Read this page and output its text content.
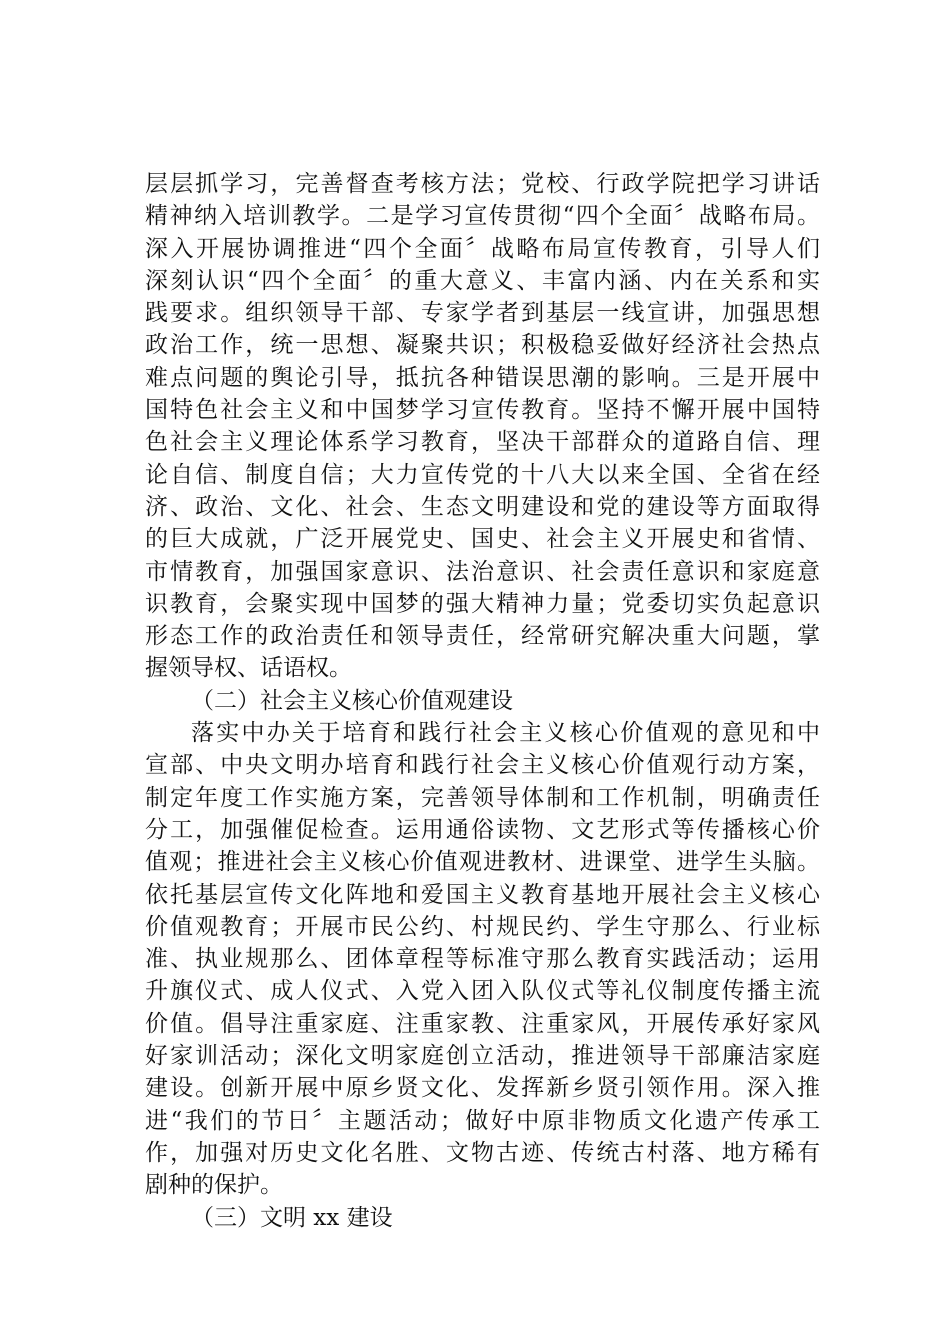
层层抓学习，完善督查考核方法；党校、行政学院把学习讲话
精神纳入培训教学。二是学习宣传贯彻“四个全面〞战略布局。
深入开展协调推进“四个全面〞战略布局宣传教育，引导人们
深刻认识“四个全面〞的重大意义、丰富内涵、内在关系和实
践要求。组织领导干部、专家学者到基层一线宣讲，加强思想
政治工作，统一思想、凝聚共识；积极稳妥做好经济社会热点
难点问题的舆论引导，抵抗各种错误思潮的影响。三是开展中
国特色社会主义和中国梦学习宣传教育。坚持不懈开展中国特
色社会主义理论体系学习教育，坚决干部群众的道路自信、理
论自信、制度自信；大力宣传党的十八大以来全国、全省在经
济、政治、文化、社会、生态文明建设和党的建设等方面取得
的巨大成就，广泛开展党史、国史、社会主义开展史和省情、
市情教育，加强国家意识、法治意识、社会责任意识和家庭意
识教育，会聚实现中国梦的强大精神力量；党委切实负起意识
形态工作的政治责任和领导责任，经常研究解决重大问题，掌
握领导权、话语权。
（二）社会主义核心价值观建设
落实中办关于培育和践行社会主义核心价值观的意见和中
宣部、中央文明办培育和践行社会主义核心价值观行动方案，
制定年度工作实施方案，完善领导体制和工作机制，明确责任
分工，加强催促检查。运用通俗读物、文艺形式等传播核心价
值观；推进社会主义核心价值观进教材、进课堂、进学生头脑。
依托基层宣传文化阵地和爱国主义教育基地开展社会主义核心
价值观教育；开展市民公约、村规民约、学生守那么、行业标
准、执业规那么、团体章程等标准守那么教育实践活动；运用
升旗仪式、成人仪式、入党入团入队仪式等礼仪制度传播主流
价值。倡导注重家庭、注重家教、注重家风，开展传承好家风
好家训活动；深化文明家庭创立活动，推进领导干部廉洁家庭
建设。创新开展中原乡贤文化、发挥新乡贤引领作用。深入推
进“我们的节日〞主题活动；做好中原非物质文化遗产传承工
作，加强对历史文化名胜、文物古迹、传统古村落、地方稀有
剧种的保护。
（三）文明 xx 建设
